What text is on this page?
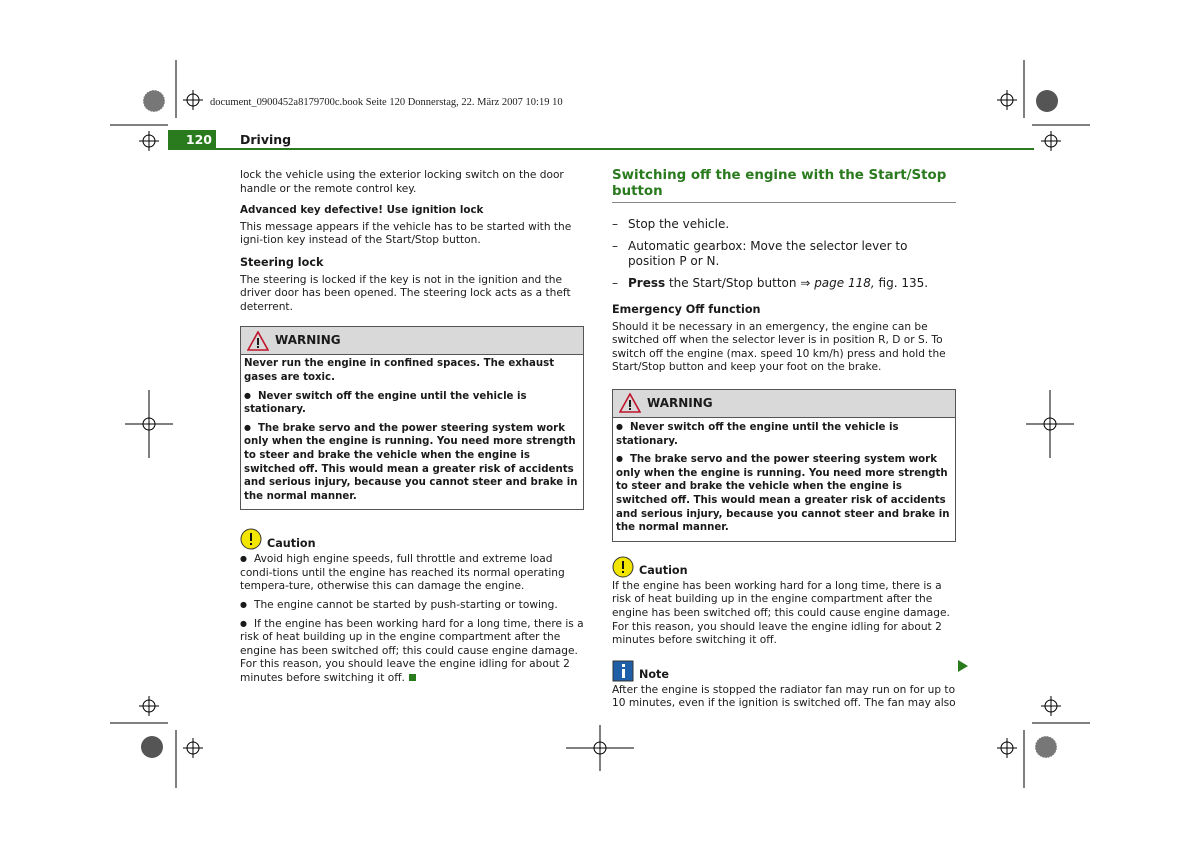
document_0900452a8179700c.book Seite 120 Donnerstag, 22. März 2007 10:19 10
120	Driving

lock the vehicle using the exterior locking switch on the door handle or the remote control key.

Advanced key defective! Use ignition lock

This message appears if the vehicle has to be started with the igni-tion key instead of the Start/Stop button.

Steering lock

The steering is locked if the key is not in the ignition and the driver door has been opened. The steering lock acts as a theft deterrent.

WARNING

Never run the engine in confined spaces. The exhaust gases are toxic.

● Never switch off the engine until the vehicle is stationary.

● The brake servo and the power steering system work only when the engine is running. You need more strength to steer and brake the vehicle when the engine is switched off. This would mean a greater risk of accidents and serious injury, because you cannot steer and brake in the normal manner.

Caution

● Avoid high engine speeds, full throttle and extreme load condi-tions until the engine has reached its normal operating tempera-ture, otherwise this can damage the engine.

● The engine cannot be started by push-starting or towing.

● If the engine has been working hard for a long time, there is a risk of heat building up in the engine compartment after the engine has been switched off; this could cause engine damage. For this reason, you should leave the engine idling for about 2 minutes before switching it off.

Switching off the engine with the Start/Stop button
– Stop the vehicle.
– Automatic gearbox: Move the selector lever to position P or N.
– Press the Start/Stop button ⇒ page 118, fig. 135.
Emergency Off function

Should it be necessary in an emergency, the engine can be switched off when the selector lever is in position R, D or S. To switch off the engine (max. speed 10 km/h) press and hold the Start/Stop button and keep your foot on the brake.

WARNING

● Never switch off the engine until the vehicle is stationary.

● The brake servo and the power steering system work only when the engine is running. You need more strength to steer and brake the vehicle when the engine is switched off. This would mean a greater risk of accidents and serious injury, because you cannot steer and brake in the normal manner.

Caution

If the engine has been working hard for a long time, there is a risk of heat building up in the engine compartment after the engine has been switched off; this could cause engine damage. For this reason, you should leave the engine idling for about 2 minutes before switching it off.

Note

After the engine is stopped the radiator fan may run on for up to 10 minutes, even if the ignition is switched off. The fan may also
